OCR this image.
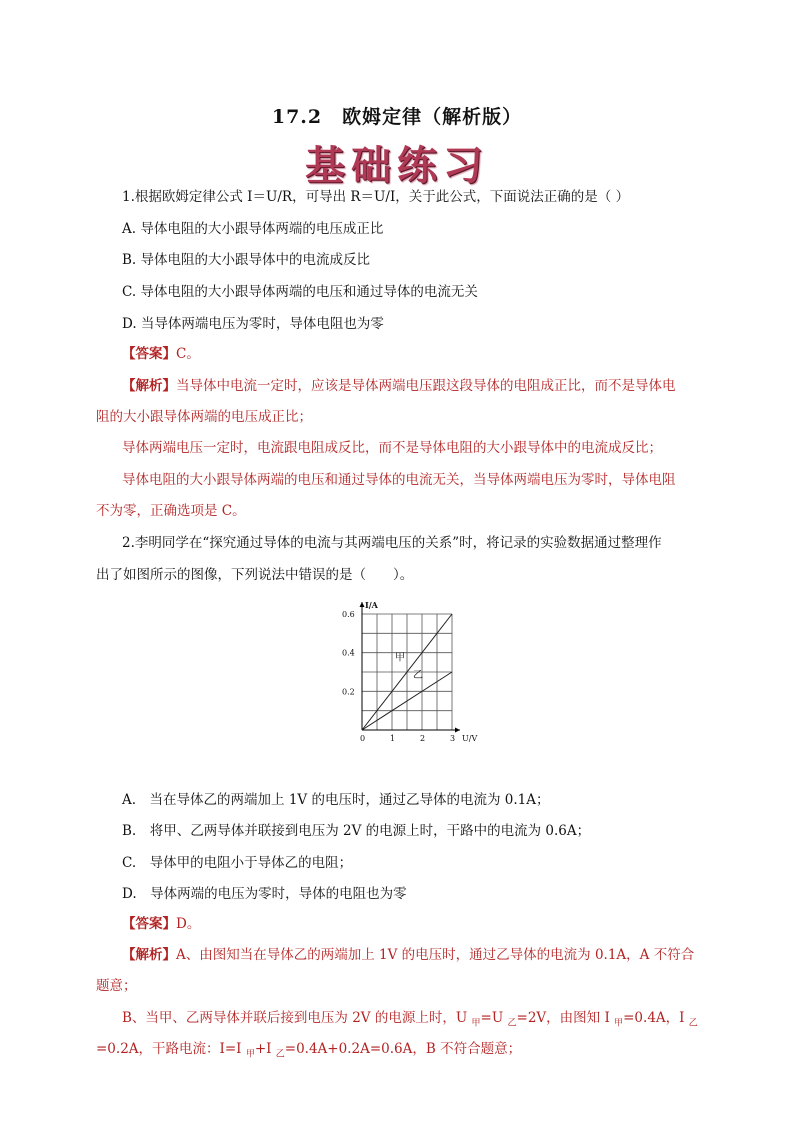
17.2　欧姆定律（解析版）
基础练习
1.根据欧姆定律公式 I＝U/R，可导出 R＝U/I，关于此公式，下面说法正确的是（ ）
A. 导体电阻的大小跟导体两端的电压成正比
B. 导体电阻的大小跟导体中的电流成反比
C. 导体电阻的大小跟导体两端的电压和通过导体的电流无关
D. 当导体两端电压为零时，导体电阻也为零
【答案】C。
【解析】当导体中电流一定时，应该是导体两端电压跟这段导体的电阻成正比，而不是导体电
阻的大小跟导体两端的电压成正比；
导体两端电压一定时，电流跟电阻成反比，而不是导体电阻的大小跟导体中的电流成反比；
导体电阻的大小跟导体两端的电压和通过导体的电流无关，当导体两端电压为零时，导体电阻
不为零，正确选项是 C。
2.李明同学在“探究通过导体的电流与其两端电压的关系”时，将记录的实验数据通过整理作
出了如图所示的图像，下列说法中错误的是（　　）。
0	1	2	3
0.2
0.4
0.6
I/A
U/V
甲
乙
A.　当在导体乙的两端加上 1V 的电压时，通过乙导体的电流为 0.1A；
B.　将甲、乙两导体并联接到电压为 2V 的电源上时，干路中的电流为 0.6A；
C.　导体甲的电阻小于导体乙的电阻；
D.　导体两端的电压为零时，导体的电阻也为零
【答案】D。
【解析】A、由图知当在导体乙的两端加上 1V 的电压时，通过乙导体的电流为 0.1A，A 不符合
题意；
B、当甲、乙两导体并联后接到电压为 2V 的电源上时，U $_甲$=U $_乙$=2V，由图知 I $_甲$=0.4A，I $_乙$
=0.2A，干路电流：I=I $_甲$+I $_乙$=0.4A+0.2A=0.6A，B 不符合题意；
